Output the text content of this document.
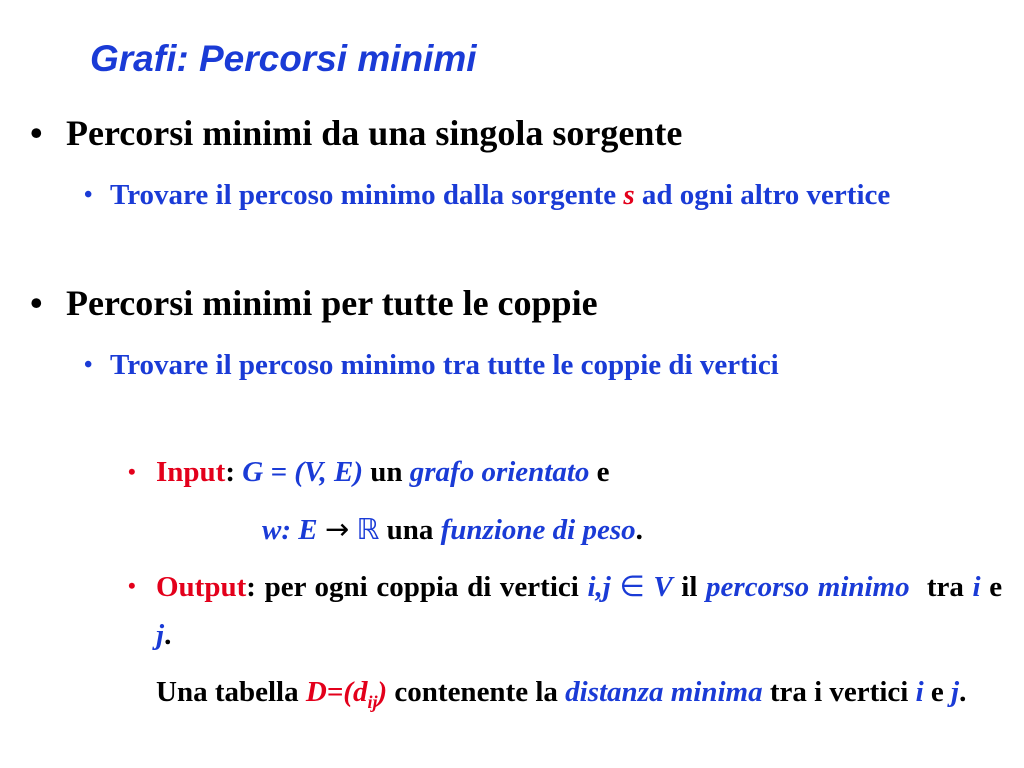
Grafi: Percorsi minimi
• Percorsi minimi da una singola sorgente
• Trovare il percoso minimo dalla sorgente s ad ogni altro vertice
• Percorsi minimi per tutte le coppie
• Trovare il percoso minimo tra tutte le coppie di vertici
• Input: G = (V, E) un grafo orientato e
w: E → ℝ una funzione di peso.
• Output: per ogni coppia di vertici i,j ∈ V il percorso minimo tra i e j.
Una tabella $D=(d_{ij})$ contenente la distanza minima tra i vertici i e j.
